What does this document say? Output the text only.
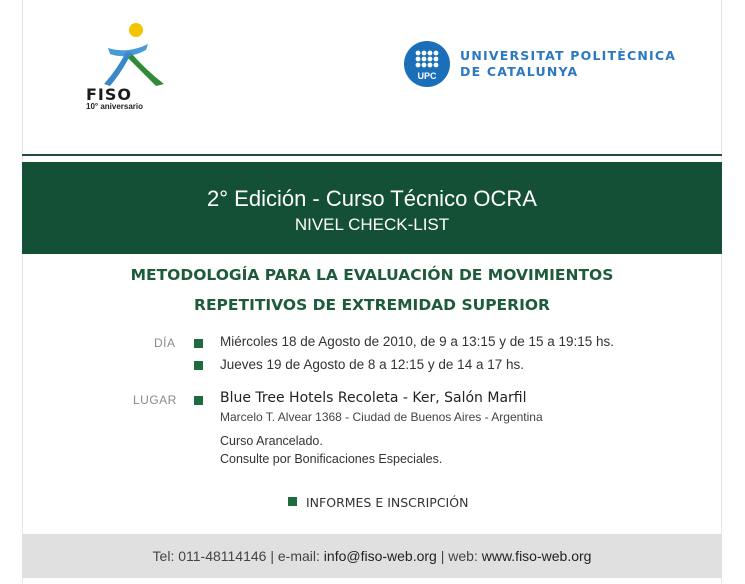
FISO
10° aniversario
UPC
UNIVERSITAT POLITÈCNICA
DE CATALUNYA
2° Edición - Curso Técnico OCRA
NIVEL CHECK-LIST
METODOLOGÍA PARA LA EVALUACIÓN DE MOVIMIENTOS
REPETITIVOS DE EXTREMIDAD SUPERIOR
DÍA	Miércoles 18 de Agosto de 2010, de 9 a 13:15 y de 15 a 19:15 hs.
Jueves 19 de Agosto de 8 a 12:15 y de 14 a 17 hs.
LUGAR	Blue Tree Hotels Recoleta - Ker, Salón Marfil
Marcelo T. Alvear 1368 - Ciudad de Buenos Aires - Argentina
Curso Arancelado.
Consulte por Bonificaciones Especiales.
INFORMES E INSCRIPCIÓN
Tel: 011-48114146 | e-mail: info@fiso-web.org | web: www.fiso-web.org
